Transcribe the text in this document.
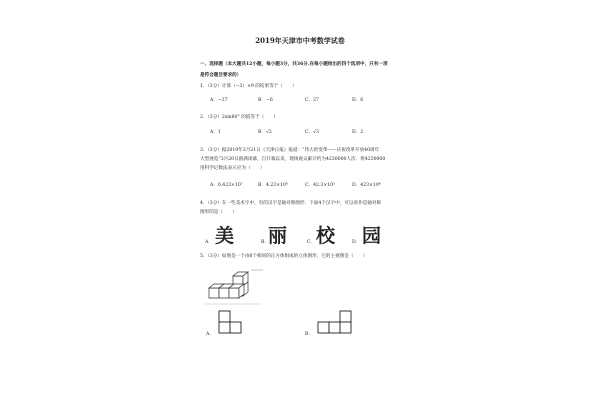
2019年天津市中考数学试卷
一、选择题（本大题共12小题，每小题3分，共36分.在每小题给出的四个选项中，只有一项
是符合题目要求的）
1．（3分）计算（−3）×9 的结果等于（　　）
A．−27	B．−6	C．27	D．6
2．（3分）2sin60° 的值等于（　　）
A．1	B．√2	C．√3	D．2
3．（3分）据2019年3月21日《天津日报》报道：“伟大的变革——庆祝改革开放40周年
大型展览”3月20日圆满闭幕，自开幕以来，现场观众累计约为4230000人次．将4230000
用科学记数法表示应为（　　）
A．0.423×10⁷	B．4.23×10⁶	C．42.3×10⁵	D．423×10⁴
4．（3分）在一些美术字中，有的汉字是轴对称图形．下面4个汉字中，可以看作是轴对称
图形的是（　　）
A． 美	B． 丽	C． 校	D． 园
5．（3分）如图是一个由6个相同的正方体组成的立体图形，它的主视图是（　　）
A．	B．
